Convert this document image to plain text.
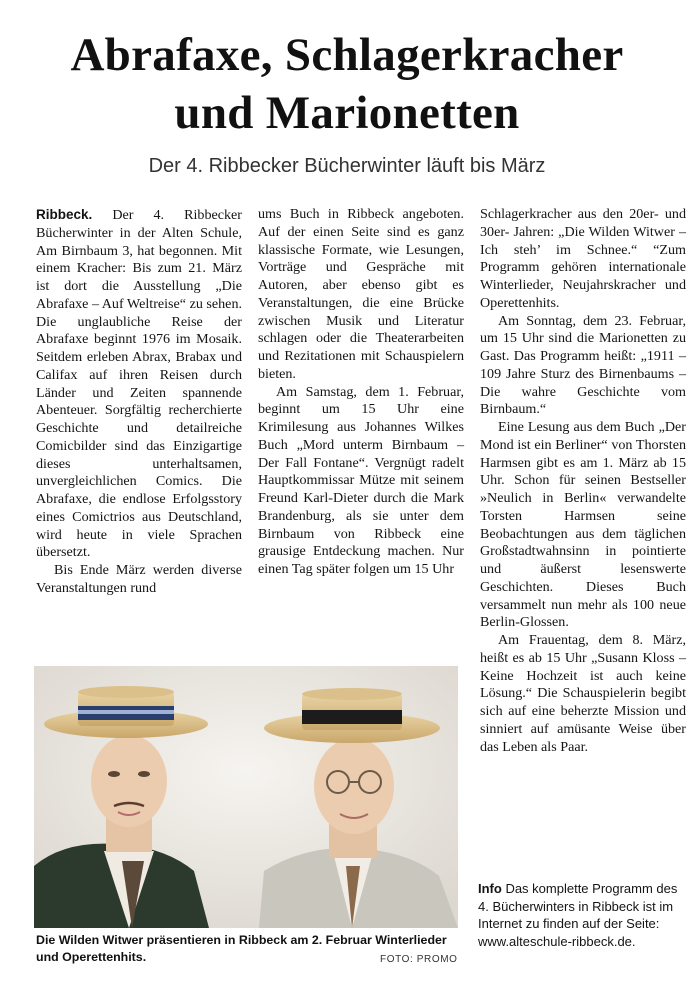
Abrafaxe, Schlagerkracher
und Marionetten
Der 4. Ribbecker Bücherwinter läuft bis März

Ribbeck. Der 4. Ribbecker Bücherwinter in der Alten Schule, Am Birnbaum 3, hat begonnen. Mit einem Kracher: Bis zum 21. März ist dort die Ausstellung „Die Abrafaxe – Auf Weltreise“ zu sehen. Die unglaubliche Reise der Abrafaxe beginnt 1976 im Mosaik. Seitdem erleben Abrax, Brabax und Califax auf ihren Reisen durch Länder und Zeiten spannende Abenteuer. Sorgfältig recherchierte Geschichte und detailreiche Comicbilder sind das Einzigartige dieses unterhaltsamen, unvergleichlichen Comics. Die Abrafaxe, die endlose Erfolgsstory eines Comictrios aus Deutschland, wird heute in viele Sprachen übersetzt.

Bis Ende März werden diverse Veranstaltungen rund

ums Buch in Ribbeck angeboten. Auf der einen Seite sind es ganz klassische Formate, wie Lesungen, Vorträge und Gespräche mit Autoren, aber ebenso gibt es Veranstaltungen, die eine Brücke zwischen Musik und Literatur schlagen oder die Theaterarbeiten und Rezitationen mit Schauspielern bieten.

Am Samstag, dem 1. Februar, beginnt um 15 Uhr eine Krimilesung aus Johannes Wilkes Buch „Mord unterm Birnbaum – Der Fall Fontane“. Vergnügt radelt Hauptkommissar Mütze mit seinem Freund Karl-Dieter durch die Mark Brandenburg, als sie unter dem Birnbaum von Ribbeck eine grausige Entdeckung machen. Nur einen Tag später folgen um 15 Uhr

Schlagerkracher aus den 20er- und 30er- Jahren: „Die Wilden Witwer – Ich steh’ im Schnee.“ “Zum Programm gehören internationale Winterlieder, Neujahrskracher und Operettenhits.

Am Sonntag, dem 23. Februar, um 15 Uhr sind die Marionetten zu Gast. Das Programm heißt: „1911 – 109 Jahre Sturz des Birnenbaums – Die wahre Geschichte vom Birnbaum.“

Eine Lesung aus dem Buch „Der Mond ist ein Berliner“ von Thorsten Harmsen gibt es am 1. März ab 15 Uhr. Schon für seinen Bestseller »Neulich in Berlin« verwandelte Torsten Harmsen seine Beobachtungen aus dem täglichen Großstadtwahnsinn in pointierte und äußerst lesenswerte Geschichten. Dieses Buch versammelt nun mehr als 100 neue Berlin-Glossen.

Am Frauentag, dem 8. März, heißt es ab 15 Uhr „Susann Kloss – Keine Hochzeit ist auch keine Lösung.“ Die Schauspielerin begibt sich auf eine beherzte Mission und sinniert auf amüsante Weise über das Leben als Paar.

Info Das komplette Programm des 4. Bücherwinters in Ribbeck ist im Internet zu finden auf der Seite: www.alteschule-ribbeck.de.
Die Wilden Witwer präsentieren in Ribbeck am 2. Februar Winterlieder und Operettenhits.	FOTO: PROMO
